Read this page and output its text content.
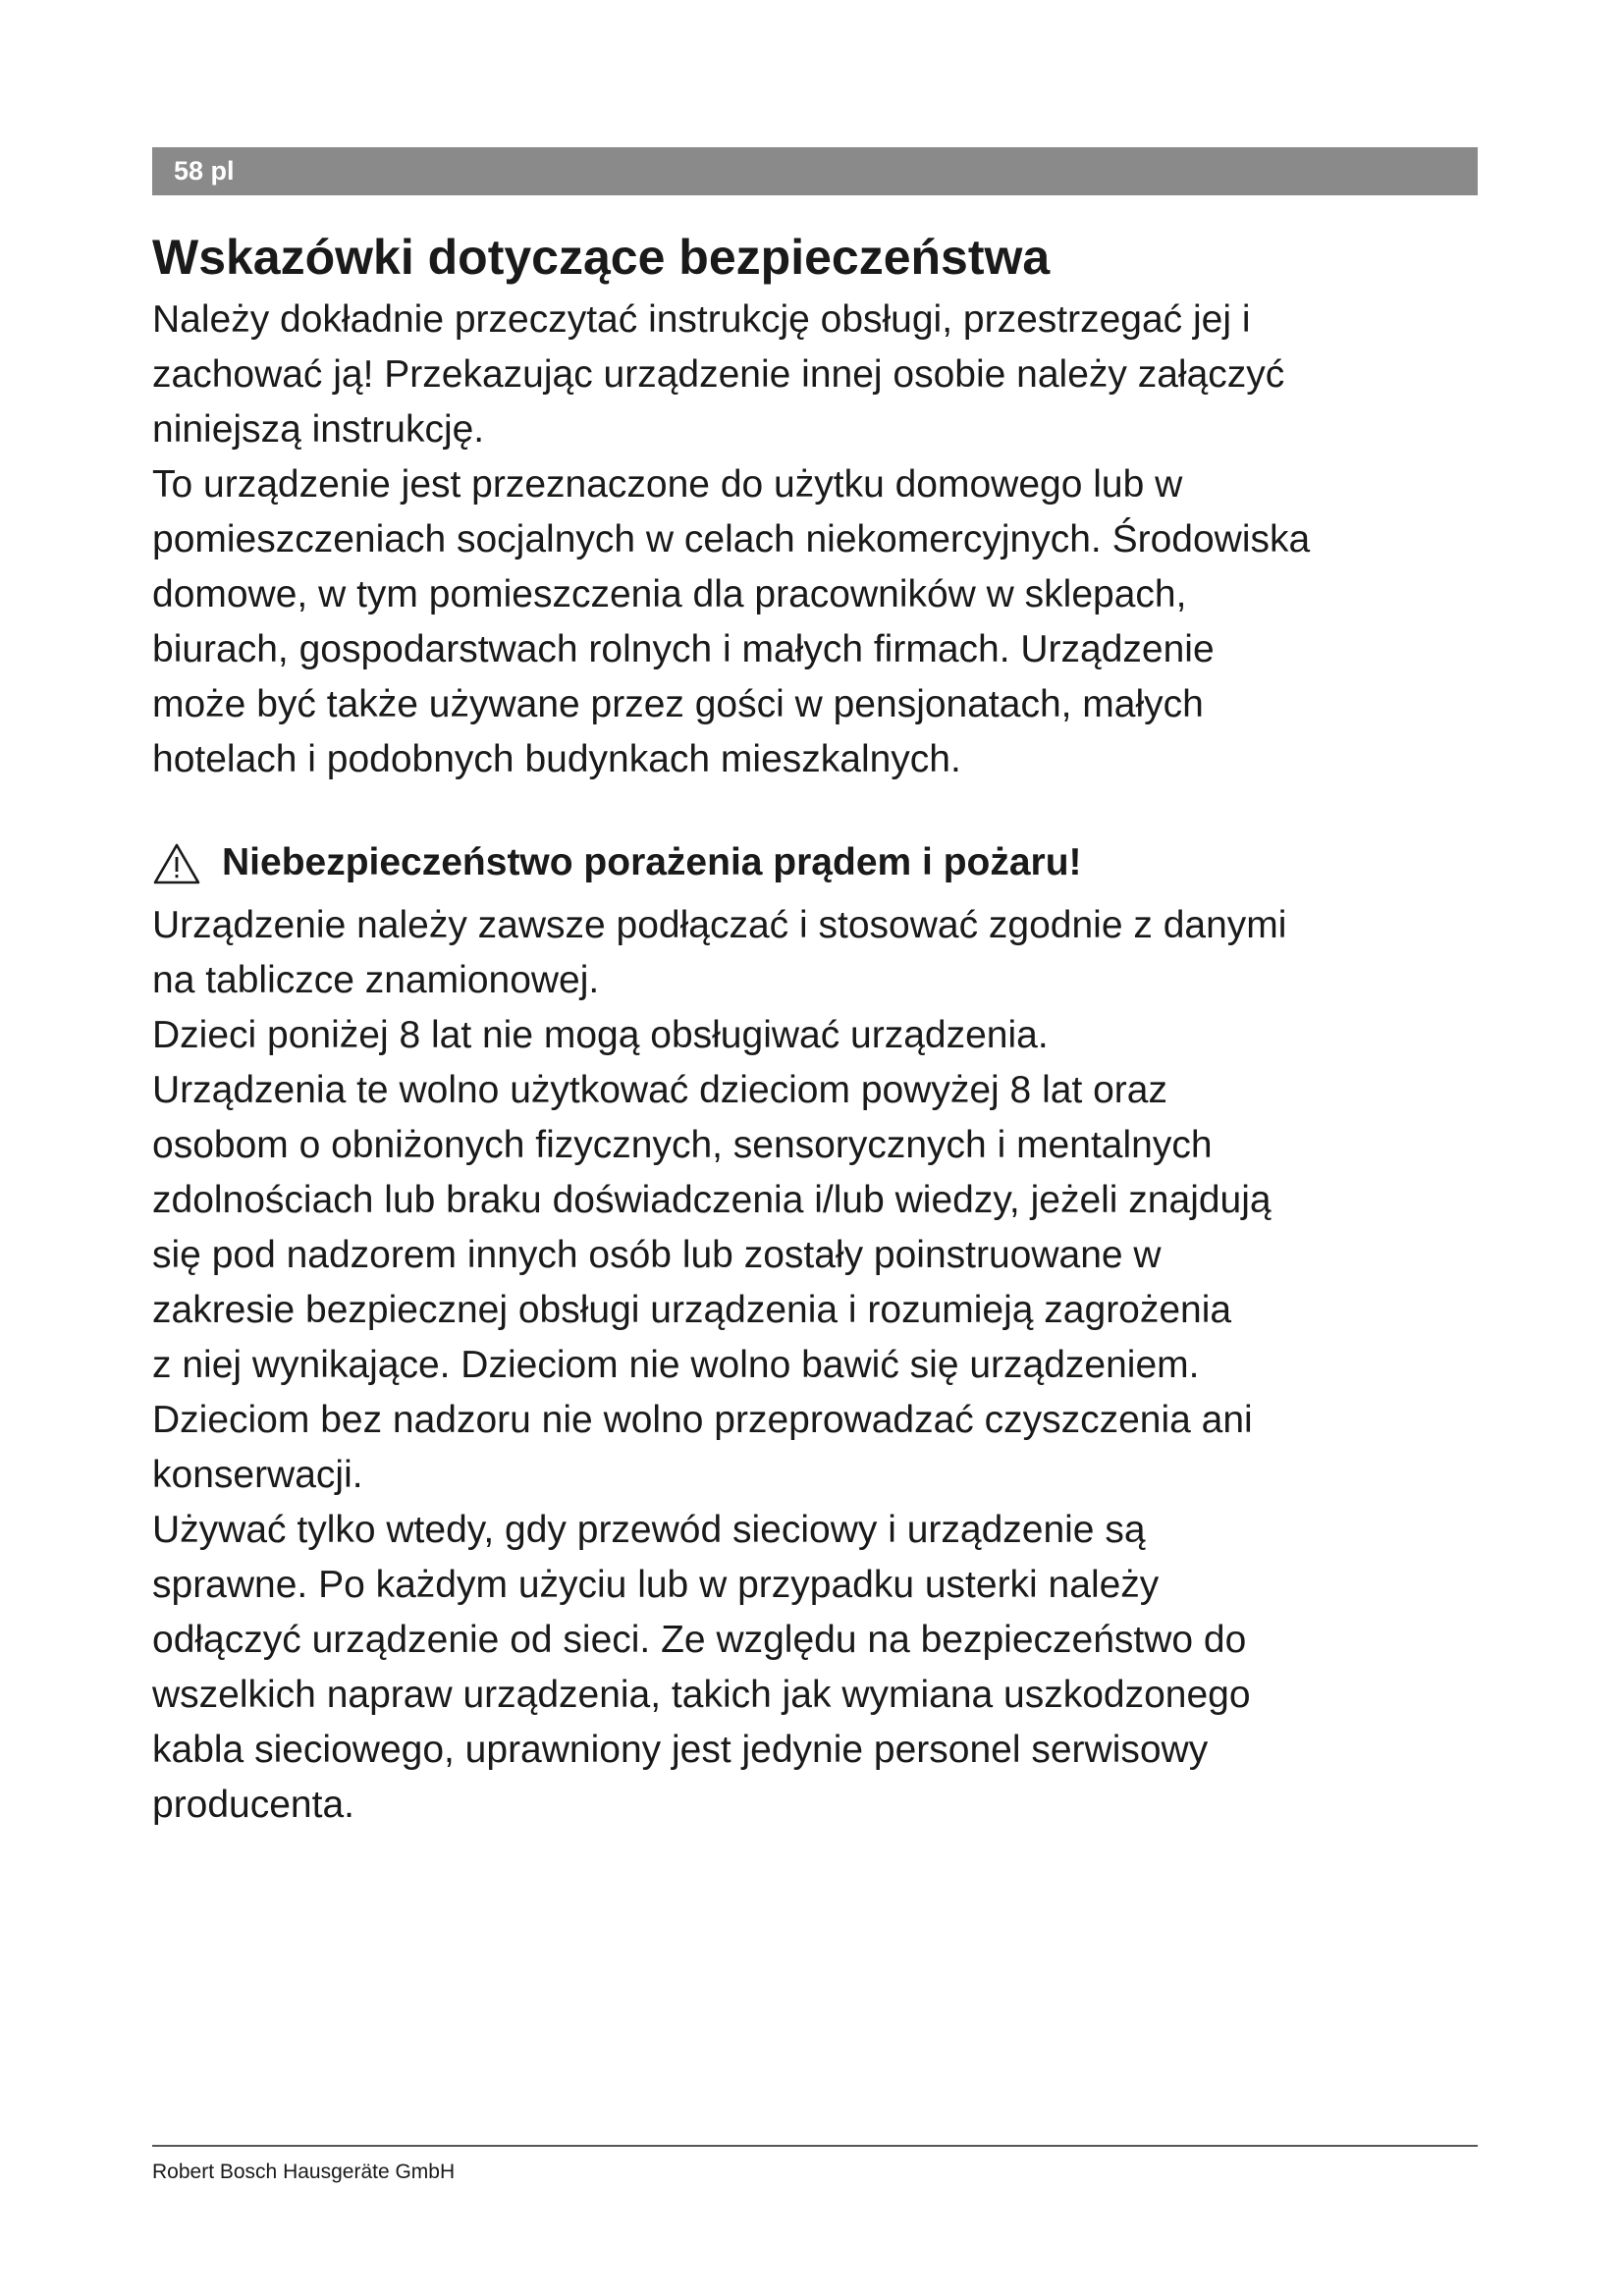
58 pl
Wskazówki dotyczące bezpieczeństwa
Należy dokładnie przeczytać instrukcję obsługi, przestrzegać jej i
zachować ją! Przekazując urządzenie innej osobie należy załączyć
niniejszą instrukcję.
To urządzenie jest przeznaczone do użytku domowego lub w
pomieszczeniach socjalnych w celach niekomercyjnych. Środowiska
domowe, w tym pomieszczenia dla pracowników w sklepach,
biurach, gospodarstwach rolnych i małych firmach. Urządzenie
może być także używane przez gości w pensjonatach, małych
hotelach i podobnych budynkach mieszkalnych.
Niebezpieczeństwo porażenia prądem i pożaru!
Urządzenie należy zawsze podłączać i stosować zgodnie z danymi
na tabliczce znamionowej.
Dzieci poniżej 8 lat nie mogą obsługiwać urządzenia.
Urządzenia te wolno użytkować dzieciom powyżej 8 lat oraz
osobom o obniżonych fizycznych, sensorycznych i mentalnych
zdolnościach lub braku doświadczenia i/lub wiedzy, jeżeli znajdują
się pod nadzorem innych osób lub zostały poinstruowane w
zakresie bezpiecznej obsługi urządzenia i rozumieją zagrożenia
z niej wynikające. Dzieciom nie wolno bawić się urządzeniem.
Dzieciom bez nadzoru nie wolno przeprowadzać czyszczenia ani
konserwacji.
Używać tylko wtedy, gdy przewód sieciowy i urządzenie są
sprawne. Po każdym użyciu lub w przypadku usterki należy
odłączyć urządzenie od sieci. Ze względu na bezpieczeństwo do
wszelkich napraw urządzenia, takich jak wymiana uszkodzonego
kabla sieciowego, uprawniony jest jedynie personel serwisowy
producenta.
Robert Bosch Hausgeräte GmbH
